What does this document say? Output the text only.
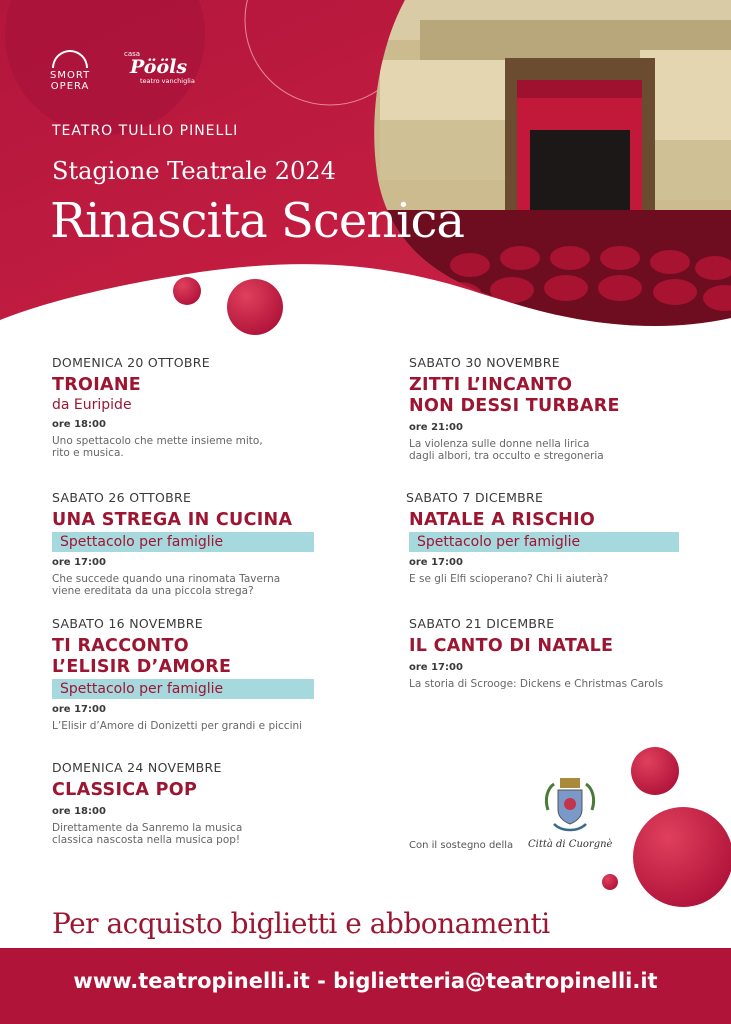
SMORT
OPERA
casa
Pööls
teatro vanchiglia
TEATRO TULLIO PINELLI
Stagione Teatrale 2024
Rinascita Scenica
DOMENICA 20 OTTOBRE
TROIANE
da Euripide
ore 18:00
Uno spettacolo che mette insieme mito,
rito e musica.
SABATO 26 OTTOBRE
UNA STREGA IN CUCINA
Spettacolo per famiglie
ore 17:00
Che succede quando una rinomata Taverna
viene ereditata da una piccola strega?
SABATO 16 NOVEMBRE
TI RACCONTO
L’ELISIR D’AMORE
Spettacolo per famiglie
ore 17:00
L’Elisir d’Amore di Donizetti per grandi e piccini
DOMENICA 24 NOVEMBRE
CLASSICA POP
ore 18:00
Direttamente da Sanremo la musica
classica nascosta nella musica pop!
SABATO 30 NOVEMBRE
ZITTI L’INCANTO
NON DESSI TURBARE
ore 21:00
La violenza sulle donne nella lirica
dagli albori, tra occulto e stregoneria
SABATO 7 DICEMBRE
NATALE A RISCHIO
Spettacolo per famiglie
ore 17:00
E se gli Elfi scioperano? Chi li aiuterà?
SABATO 21 DICEMBRE
IL CANTO DI NATALE
ore 17:00
La storia di Scrooge: Dickens e Christmas Carols
Con il sostegno della Città di Cuorgnè
Per acquisto biglietti e abbonamenti
www.teatropinelli.it - biglietteria@teatropinelli.it
